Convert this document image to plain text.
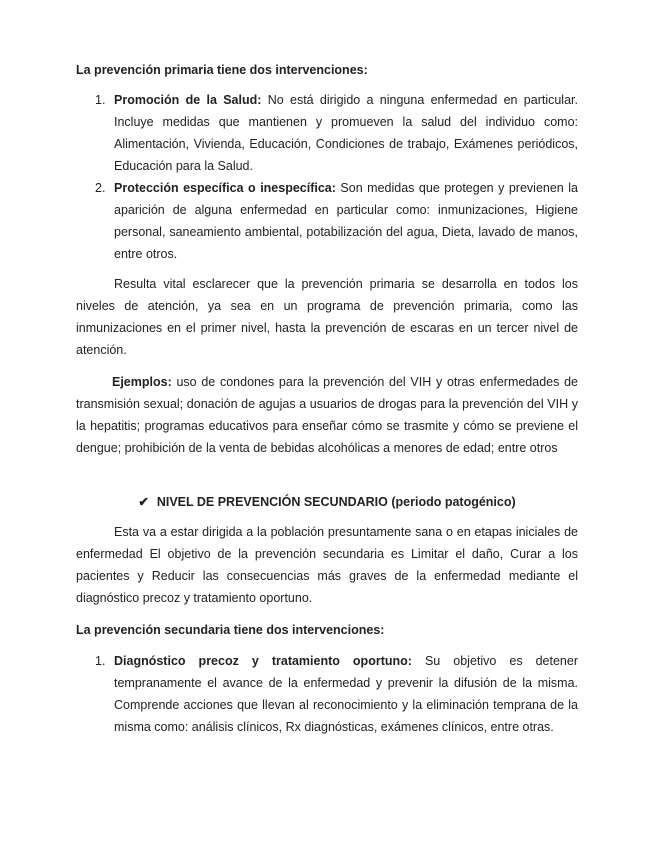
La prevención primaria tiene dos intervenciones:

1. Promoción de la Salud: No está dirigido a ninguna enfermedad en particular. Incluye medidas que mantienen y promueven la salud del individuo como: Alimentación, Vivienda, Educación, Condiciones de trabajo, Exámenes periódicos, Educación para la Salud.
2. Protección específica o inespecífica: Son medidas que protegen y previenen la aparición de alguna enfermedad en particular como: inmunizaciones, Higiene personal, saneamiento ambiental, potabilización del agua, Dieta, lavado de manos, entre otros.

Resulta vital esclarecer que la prevención primaria se desarrolla en todos los niveles de atención, ya sea en un programa de prevención primaria, como las inmunizaciones en el primer nivel, hasta la prevención de escaras en un tercer nivel de atención.

Ejemplos: uso de condones para la prevención del VIH y otras enfermedades de transmisión sexual; donación de agujas a usuarios de drogas para la prevención del VIH y la hepatitis; programas educativos para enseñar cómo se trasmite y cómo se previene el dengue; prohibición de la venta de bebidas alcohólicas a menores de edad; entre otros

✔ NIVEL DE PREVENCIÓN SECUNDARIO (periodo patogénico)

Esta va a estar dirigida a la población presuntamente sana o en etapas iniciales de enfermedad El objetivo de la prevención secundaria es Limitar el daño, Curar a los pacientes y Reducir las consecuencias más graves de la enfermedad mediante el diagnóstico precoz y tratamiento oportuno.

La prevención secundaria tiene dos intervenciones:

1. Diagnóstico precoz y tratamiento oportuno: Su objetivo es detener tempranamente el avance de la enfermedad y prevenir la difusión de la misma. Comprende acciones que llevan al reconocimiento y la eliminación temprana de la misma como: análisis clínicos, Rx diagnósticas, exámenes clínicos, entre otras.
